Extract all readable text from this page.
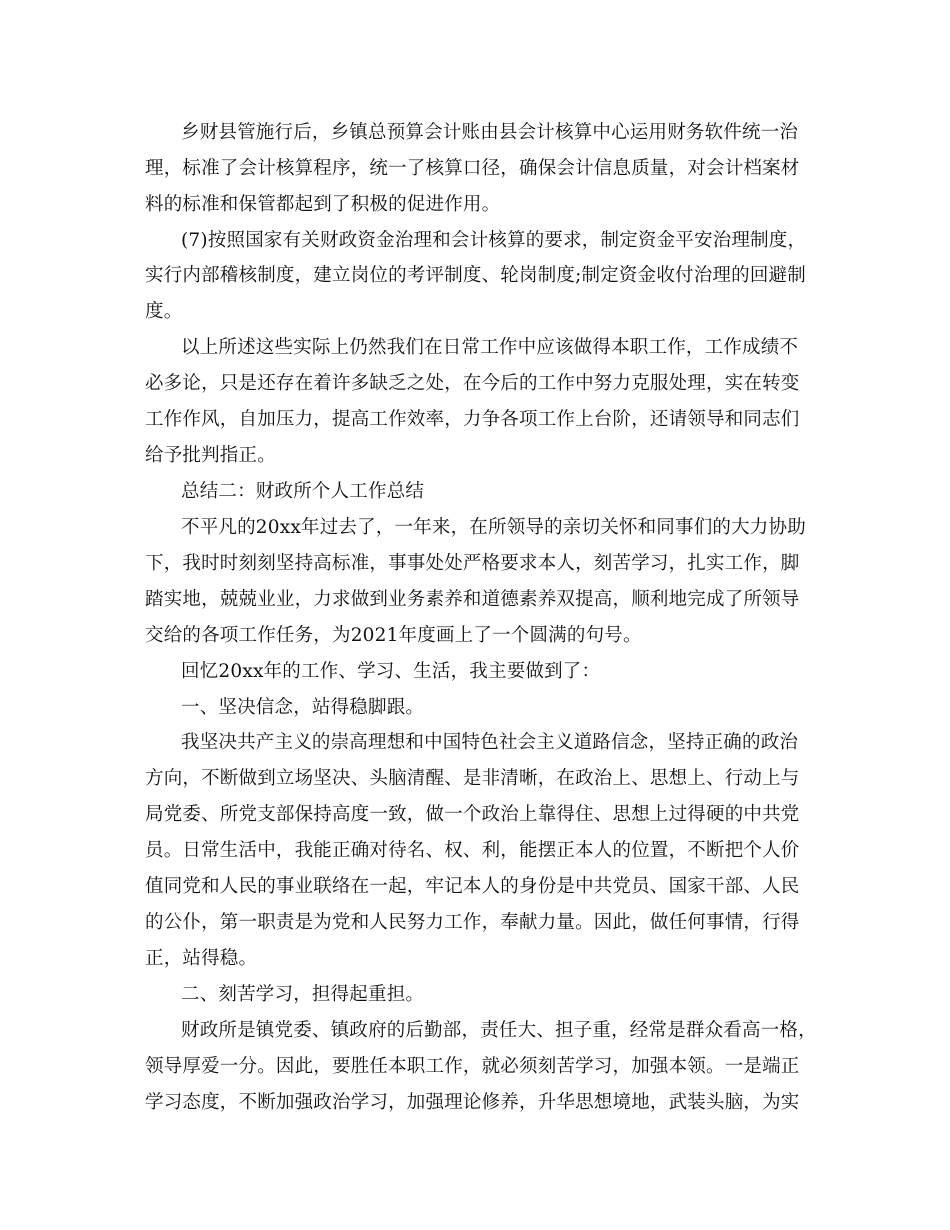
乡财县管施行后，乡镇总预算会计账由县会计核算中心运用财务软件统一治
理，标准了会计核算程序，统一了核算口径，确保会计信息质量，对会计档案材
料的标准和保管都起到了积极的促进作用。
(7)按照国家有关财政资金治理和会计核算的要求，制定资金平安治理制度，
实行内部稽核制度，建立岗位的考评制度、轮岗制度;制定资金收付治理的回避制
度。
以上所述这些实际上仍然我们在日常工作中应该做得本职工作，工作成绩不
必多论，只是还存在着许多缺乏之处，在今后的工作中努力克服处理，实在转变
工作作风，自加压力，提高工作效率，力争各项工作上台阶，还请领导和同志们
给予批判指正。
总结二：财政所个人工作总结
不平凡的20xx年过去了，一年来，在所领导的亲切关怀和同事们的大力协助
下，我时时刻刻坚持高标准，事事处处严格要求本人，刻苦学习，扎实工作，脚
踏实地，兢兢业业，力求做到业务素养和道德素养双提高，顺利地完成了所领导
交给的各项工作任务，为2021年度画上了一个圆满的句号。
回忆20xx年的工作、学习、生活，我主要做到了：
一、坚决信念，站得稳脚跟。
我坚决共产主义的崇高理想和中国特色社会主义道路信念，坚持正确的政治
方向，不断做到立场坚决、头脑清醒、是非清晰，在政治上、思想上、行动上与
局党委、所党支部保持高度一致，做一个政治上靠得住、思想上过得硬的中共党
员。日常生活中，我能正确对待名、权、利，能摆正本人的位置，不断把个人价
值同党和人民的事业联络在一起，牢记本人的身份是中共党员、国家干部、人民
的公仆，第一职责是为党和人民努力工作，奉献力量。因此，做任何事情，行得
正，站得稳。
二、刻苦学习，担得起重担。
财政所是镇党委、镇政府的后勤部，责任大、担子重，经常是群众看高一格，
领导厚爱一分。因此，要胜任本职工作，就必须刻苦学习，加强本领。一是端正
学习态度，不断加强政治学习，加强理论修养，升华思想境地，武装头脑，为实
